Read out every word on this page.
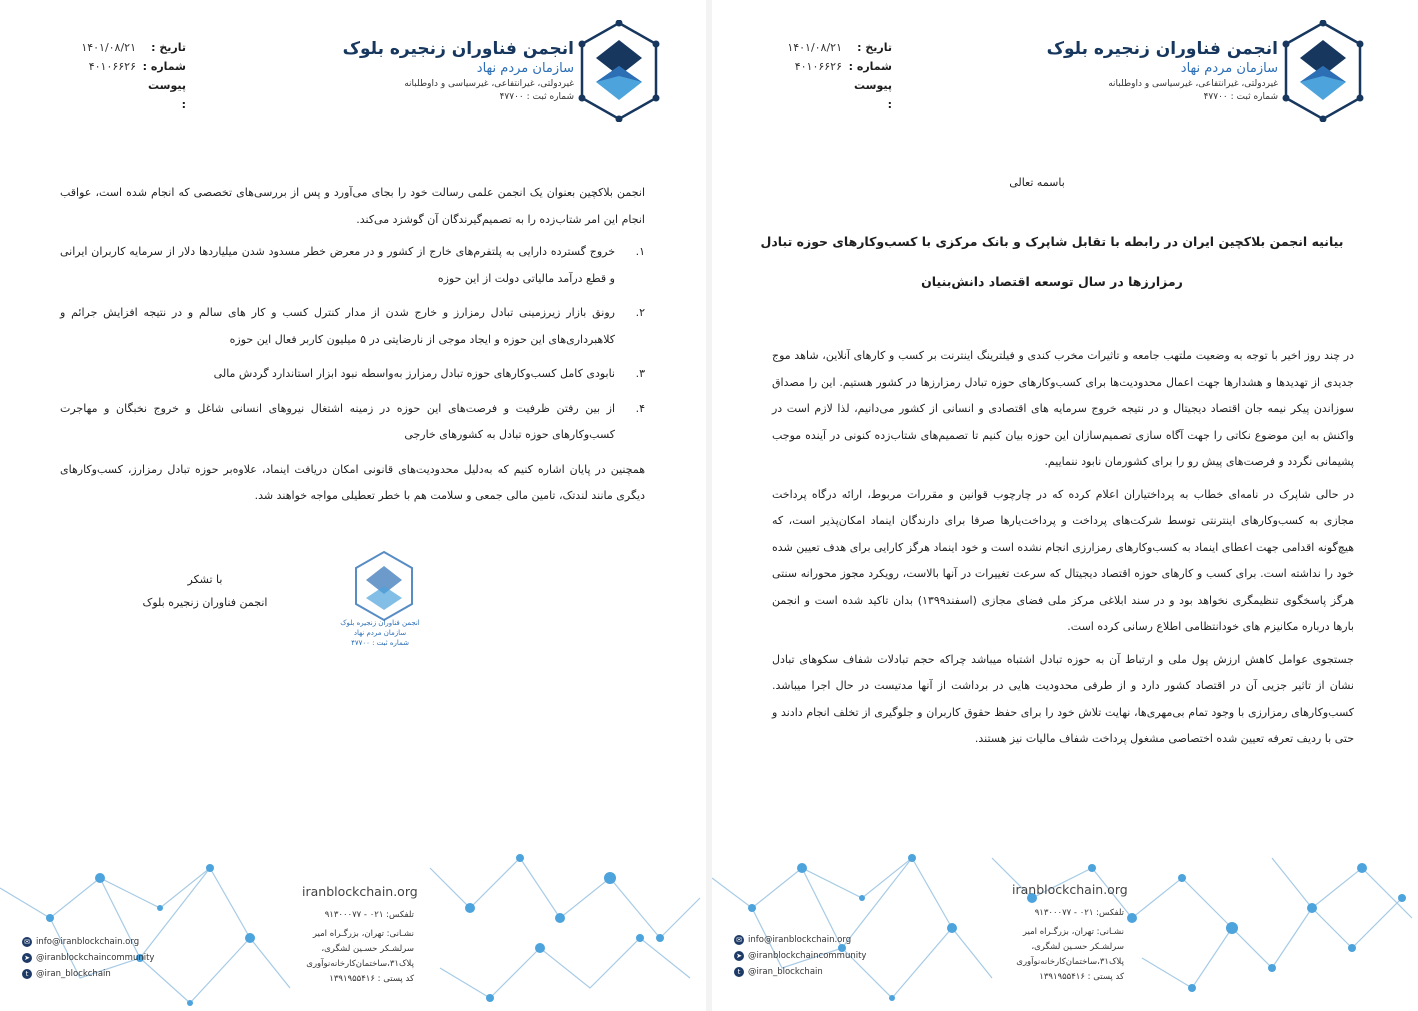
انجمن فناوران زنجیره بلوک
سازمان مردم نهاد
غیردولتی، غیرانتفاعی، غیرسیاسی و داوطلبانه
شماره ثبت : ۴۷۷۰۰
تاریخ :
۱۴۰۱/۰۸/۲۱
شماره :
۴۰۱۰۶۶۲۶
پیوست :
باسمه تعالی
بیانیه انجمن بلاکچین ایران در رابطه با تقابل شاپرک و بانک مرکزی با کسب‌وکارهای حوزه تبادل
رمزارزها در سال توسعه اقتصاد دانش‌بنیان

در چند روز اخیر با توجه به وضعیت ملتهب جامعه و تاثیرات مخرب کندی و فیلترینگ اینترنت بر کسب و کارهای آنلاین، شاهد موج جدیدی از تهدیدها و هشدارها جهت اعمال محدودیت‌ها برای کسب‌وکارهای حوزه تبادل رمزارزها در کشور هستیم. این را مصداق سوزاندن پیکر نیمه جان اقتصاد دیجیتال و در نتیجه خروج سرمایه های اقتصادی و انسانی از کشور می‌دانیم، لذا لازم است در واکنش به این موضوع نکاتی را جهت آگاه سازی تصمیم‌سازان این حوزه بیان کنیم تا تصمیم‌های شتاب‌زده کنونی در آینده موجب پشیمانی نگردد و فرصت‌های پیش رو را برای کشورمان نابود ننماییم.

در حالی شاپرک در نامه‌ای خطاب به پرداختیاران اعلام کرده که در چارچوب قوانین و مقررات مربوط، ارائه درگاه پرداخت مجازی به کسب‌وکارهای اینترنتی توسط شرکت‌های پرداخت و پرداخت‌یارها صرفا برای دارندگان اینماد امکان‌پذیر است، که هیچ‌گونه اقدامی جهت اعطای اینماد به کسب‌وکارهای رمزارزی انجام نشده است و خود اینماد هرگز کارایی برای هدف تعیین شده خود را نداشته است. برای کسب و کارهای حوزه اقتصاد دیجیتال که سرعت تغییرات در آنها بالاست، رویکرد مجوز محورانه سنتی هرگز پاسخگوی تنظیمگری نخواهد بود و در سند ابلاغی مرکز ملی فضای مجازی (اسفند۱۳۹۹) بدان تاکید شده است و انجمن بارها درباره مکانیزم های خودانتظامی اطلاع رسانی کرده است.

جستجوی عوامل کاهش ارزش پول ملی و ارتباط آن به حوزه تبادل اشتباه میباشد چراکه حجم تبادلات شفاف سکوهای تبادل نشان از تاثیر جزیی آن در اقتصاد کشور دارد و از طرفی محدودیت هایی در برداشت از آنها مدتیست در حال اجرا میباشد. کسب‌وکارهای رمزارزی با وجود تمام بی‌مهری‌ها، نهایت تلاش خود را برای حفظ حقوق کاربران و جلوگیری از تخلف انجام دادند و حتی با ردیف تعرفه تعیین شده اختصاصی مشغول پرداخت شفاف مالیات نیز هستند.

iranblockchain.org
تلفکس: ۰۲۱ - ۹۱۳۰۰۰۷۷
نشـانی: تهران، بزرگـراه امیر
سرلشـکر حسـین لشگری،
پلاک۳۱،ساختمان‌کارخانه‌نوآوری
کد پستی : ۱۳۹۱۹۵۵۴۱۶
✉ info@iranblockchain.org
➤ @iranblockchaincommunity
t @iran_blockchain
انجمن فناوران زنجیره بلوک
سازمان مردم نهاد
غیردولتی، غیرانتفاعی، غیرسیاسی و داوطلبانه
شماره ثبت : ۴۷۷۰۰
تاریخ :
۱۴۰۱/۰۸/۲۱
شماره :
۴۰۱۰۶۶۲۶
پیوست :

انجمن بلاکچین بعنوان یک انجمن علمی رسالت خود را بجای می‌آورد و پس از بررسی‌های تخصصی که انجام شده است، عواقب انجام این امر شتاب‌زده را به تصمیم‌گیرندگان آن گوشزد می‌کند.

۱.
خروج گسترده دارایی به پلتفرم‌های خارج از کشور و در معرض خطر مسدود شدن میلیاردها دلار از سرمایه کاربران ایرانی و قطع درآمد مالیاتی دولت از این حوزه
۲.
رونق بازار زیرزمینی تبادل رمزارز و خارج شدن از مدار کنترل کسب و کار های سالم و در نتیجه افزایش جرائم و کلاهبرداری‌های این حوزه و ایجاد موجی از نارضایتی در ۵ میلیون کاربر فعال این حوزه
۳.
نابودی کامل کسب‌وکارهای حوزه تبادل رمزارز به‌واسطه نبود ابزار استاندارد گردش مالی
۴.
از بین رفتن ظرفیت و فرصت‌های این حوزه در زمینه اشتغال نیروهای انسانی شاغل و خروج نخبگان و مهاجرت کسب‌وکارهای حوزه تبادل به کشورهای خارجی

همچنین در پایان اشاره کنیم که به‌دلیل محدودیت‌های قانونی امکان دریافت اینماد، علاوه‌بر حوزه تبادل رمزارز، کسب‌وکارهای دیگری مانند لندتک، تامین مالی جمعی و سلامت هم با خطر تعطیلی مواجه خواهند شد.

با تشکر
انجمن فناوران زنجیره بلوک
انجمن فناوران زنجیره بلوک
سازمان مردم نهاد
شماره ثبت : ۴۷۷۰۰
iranblockchain.org
تلفکس: ۰۲۱ - ۹۱۳۰۰۰۷۷
نشـانی: تهران، بزرگـراه امیر
سرلشـکر حسـین لشگری،
پلاک۳۱،ساختمان‌کارخانه‌نوآوری
کد پستی : ۱۳۹۱۹۵۵۴۱۶
✉ info@iranblockchain.org
➤ @iranblockchaincommunity
t @iran_blockchain
